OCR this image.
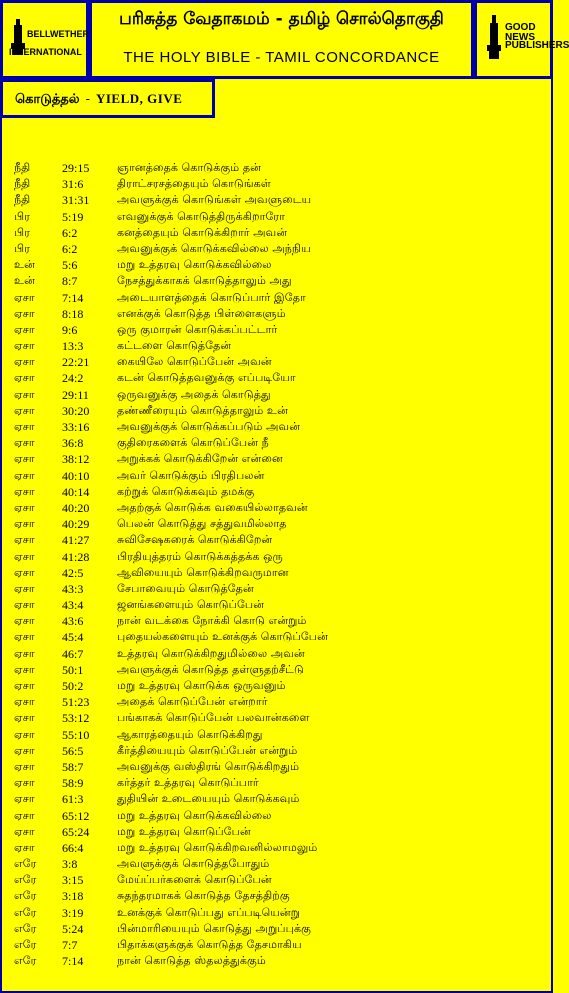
BELLWETHER
INTERNATIONAL
பரிசுத்த வேதாகமம் - தமிழ் சொல்தொகுதி
THE HOLY BIBLE - TAMIL CONCORDANCE
GOOD NEWS
PUBLISHERS
கொடுத்தல் - YIELD, GIVE
நீதி	29:15 ஞானத்தைக் கொடுக்கும் தன்
நீதி	31:6	திராட்சரசத்தையும் கொடுங்கள்
நீதி	31:31 அவளுக்குக் கொடுங்கள் அவளுடைய
பிர	5:19	எவனுக்குக் கொடுத்திருக்கிறாரோ
பிர	6:2	கனத்தையும் கொடுக்கிறார் அவன்
பிர	6:2	அவனுக்குக் கொடுக்கவில்லை அந்நிய
உன் 5:6	மறு உத்தரவு கொடுக்கவில்லை
உன் 8:7	நேசத்துக்காகக் கொடுத்தாலும் அது
ஏசா 7:14	அடையாளத்தைக் கொடுப்பார் இதோ
ஏசா 8:18	எனக்குக் கொடுத்த பிள்ளைகளும்
ஏசா 9:6	ஒரு குமாரன் கொடுக்கப்பட்டார்
ஏசா 13:3	கட்டளை கொடுத்தேன்
ஏசா 22:21 கையிலே கொடுப்பேன் அவன்
ஏசா 24:2	கடன் கொடுத்தவனுக்கு எப்படியோ
ஏசா 29:11	ஒருவனுக்கு அதைக் கொடுத்து
ஏசா 30:20 தண்ணீரையும் கொடுத்தாலும் உன்
ஏசா 33:16 அவனுக்குக் கொடுக்கப்படும் அவன்
ஏசா 36:8	குதிரைகளைக் கொடுப்பேன் நீ
ஏசா 38:12 அறுக்கக் கொடுக்கிறேன் என்னை
ஏசா 40:10 அவர் கொடுக்கும் பிரதிபலன்
ஏசா 40:14 கற்றுக் கொடுக்கவும் தமக்கு
ஏசா 40:20 அதற்குக் கொடுக்க வகையில்லாதவன்
ஏசா 40:29 பெலன் கொடுத்து சத்துவமில்லாத
ஏசா 41:27 சுவிசேஷகரைக் கொடுக்கிறேன்
ஏசா 41:28 பிரதியுத்தரம் கொடுக்கத்தக்க ஒரு
ஏசா 42:5	ஆவியையும் கொடுக்கிறவருமான
ஏசா 43:3	சேபாவையும் கொடுத்தேன்
ஏசா 43:4	ஜனங்களையும் கொடுப்பேன்
ஏசா 43:6	நான் வடக்கை நோக்கி கொடு என்றும்
ஏசா 45:4	புதையல்களையும் உனக்குக் கொடுப்பேன்
ஏசா 46:7	உத்தரவு கொடுக்கிறதுமில்லை அவன்
ஏசா 50:1	அவளுக்குக் கொடுத்த தள்ளுதற்சீட்டு
ஏசா 50:2	மறு உத்தரவு கொடுக்க ஒருவனும்
ஏசா 51:23 அதைக் கொடுப்பேன் என்றார்
ஏசா 53:12 பங்காகக் கொடுப்பேன் பலவான்களை
ஏசா 55:10 ஆகாரத்தையும் கொடுக்கிறது
ஏசா 56:5	கீர்த்தியையும் கொடுப்பேன் என்றும்
ஏசா 58:7	அவனுக்கு வஸ்திரங் கொடுக்கிறதும்
ஏசா 58:9	கர்த்தர் உத்தரவு கொடுப்பார்
ஏசா 61:3	துதியின் உடையையும் கொடுக்கவும்
ஏசா 65:12 மறு உத்தரவு கொடுக்கவில்லை
ஏசா 65:24 மறு உத்தரவு கொடுப்பேன்
ஏசா 66:4	மறு உத்தரவு கொடுக்கிறவனில்லாமலும்
எரே 3:8	அவளுக்குக் கொடுத்தபோதும்
எரே 3:15	மேய்ப்பர்களைக் கொடுப்பேன்
எரே 3:18	சுதந்தரமாகக் கொடுத்த தேசத்திற்கு
எரே 3:19	உனக்குக் கொடுப்பது எப்படியென்று
எரே 5:24	பின்மாரியையும் கொடுத்து அறுப்புக்கு
எரே 7:7	பிதாக்களுக்குக் கொடுத்த தேசமாகிய
எரே 7:14	நான் கொடுத்த ஸ்தலத்துக்கும்
